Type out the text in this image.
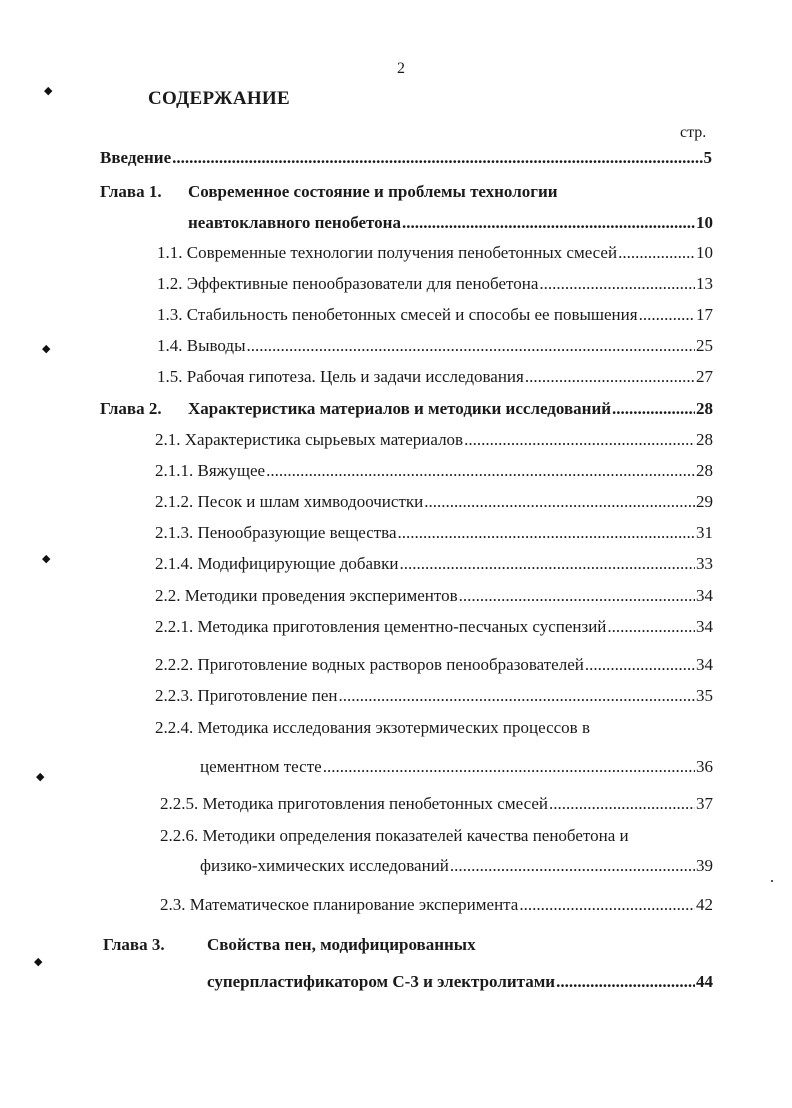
◆
◆
◆
◆
◆
2
СОДЕРЖАНИЕ
стр.
Введение .....	5
Глава 1. Современное состояние и проблемы технологии
неавтоклавного пенобетона .....	10
1.1. Современные технологии получения пенобетонных смесей .....	10
1.2. Эффективные пенообразователи для пенобетона .....	13
1.3. Стабильность пенобетонных смесей и способы ее повышения .....	17
1.4. Выводы .....	25
1.5. Рабочая гипотеза. Цель и задачи исследования .....	27
Глава 2. Характеристика материалов и методики исследований .....	28
2.1. Характеристика сырьевых материалов .....	28
2.1.1. Вяжущее .....	28
2.1.2. Песок и шлам химводоочистки .....	29
2.1.3. Пенообразующие вещества .....	31
2.1.4. Модифицирующие добавки .....	33
2.2. Методики проведения экспериментов .....	34
2.2.1. Методика приготовления цементно-песчаных суспензий .....	34
2.2.2. Приготовление водных растворов пенообразователей .....	34
2.2.3. Приготовление пен .....	35
2.2.4. Методика исследования экзотермических процессов в
цементном тесте .....	36
2.2.5. Методика приготовления пенобетонных смесей .....	37
2.2.6. Методики определения показателей качества пенобетона и
физико-химических исследований .....	39
2.3. Математическое планирование эксперимента .....	42
Глава 3. Свойства пен, модифицированных
суперпластификатором С-3 и электролитами .....	44
